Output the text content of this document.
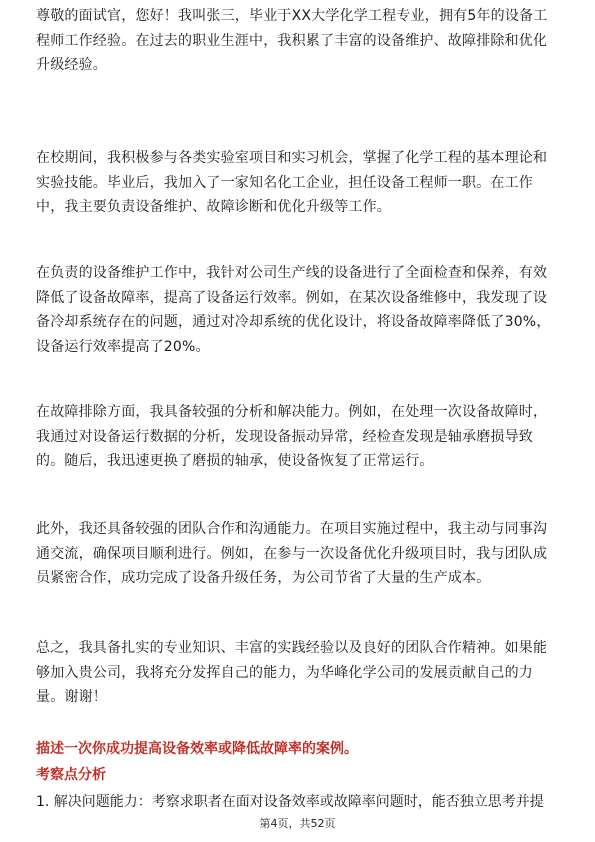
尊敬的面试官，您好！我叫张三，毕业于XX大学化学工程专业，拥有5年的设备工程师工作经验。在过去的职业生涯中，我积累了丰富的设备维护、故障排除和优化升级经验。

在校期间，我积极参与各类实验室项目和实习机会，掌握了化学工程的基本理论和实验技能。毕业后，我加入了一家知名化工企业，担任设备工程师一职。在工作中，我主要负责设备维护、故障诊断和优化升级等工作。

在负责的设备维护工作中，我针对公司生产线的设备进行了全面检查和保养，有效降低了设备故障率，提高了设备运行效率。例如，在某次设备维修中，我发现了设备冷却系统存在的问题，通过对冷却系统的优化设计，将设备故障率降低了30%，设备运行效率提高了20%。

在故障排除方面，我具备较强的分析和解决能力。例如，在处理一次设备故障时，我通过对设备运行数据的分析，发现设备振动异常，经检查发现是轴承磨损导致的。随后，我迅速更换了磨损的轴承，使设备恢复了正常运行。

此外，我还具备较强的团队合作和沟通能力。在项目实施过程中，我主动与同事沟通交流，确保项目顺利进行。例如，在参与一次设备优化升级项目时，我与团队成员紧密合作，成功完成了设备升级任务，为公司节省了大量的生产成本。

总之，我具备扎实的专业知识、丰富的实践经验以及良好的团队合作精神。如果能够加入贵公司，我将充分发挥自己的能力，为华峰化学公司的发展贡献自己的力量。谢谢！

描述一次你成功提高设备效率或降低故障率的案例。

考察点分析

1. 解决问题能力：考察求职者在面对设备效率或故障率问题时，能否独立思考并提

第4页，共52页
